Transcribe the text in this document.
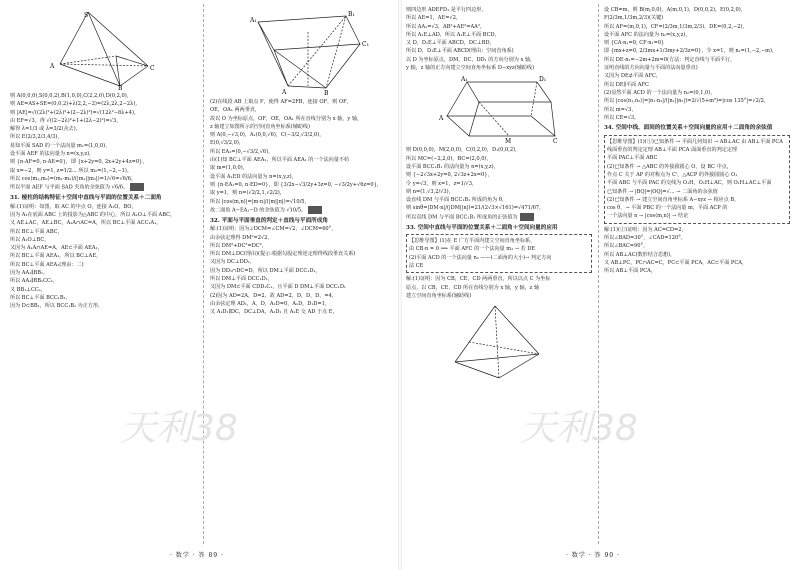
天利38	天利38
S
A	C
B

则 A(0,0,0),S(0,0,2),B(1,0,0),C(2,2,0),D(0,2,0),

则 AE=AS+SE=(0,0,2)+λ(2,2,−2)=(2λ,2λ,2−2λ),

则 |AE|=√((2λ)²+(2λ)²+(2−2λ)²)=√(12λ²−8λ+4),

由 EF=√3，得 √((2−2λ)²+1+(2λ−2)²)=√3，

解得 λ=1/3 或 λ=3/2(舍去)，

所以 E(2/3,2/3,4/3)，

易知平面 SAD 的一个法向量 m₁=(1,0,0)，

设平面 AEF 的法向量为 n=(x,y,z)，

则 {n·AF=0, n·AE=0}，即 {x+2y=0, 2x+2y+4z=0}，

取 x=−2，则 y=1, z=1/2... 所以 m₂=(1,−2,−1)。

所以 cos⟨m₁,m₂⟩=(m₁·m₂)/(|m₁||m₂|)=1/√6=√6/6，

所以平面 AEF 与平面 SAD 夹角的余弦值为 √6/6。

31. 棱柱的结构特征＋空间中直线与平面的位置关系＋二面角

解:(1)证明：如图，取 AC 的中点 O，连接 A₁O，BO，

因为 A₁在底面 ABC 上的投影为△ABC 的中心，所以 A₁O⊥平面 ABC，

又 AE⊥AC，AE⊥BC，A₁A∩AC=A，所以 BC⊥平面 ACC₁A₁，

所以 BC⊥平面 ABC，

所以 A₁O⊥BC，

又因为 A₁A∩AE=A，AE⊂平面 AEA₁，

所以 BC⊥平面 AEA₁，所以 BC⊥AE，

所以 BC⊥平面 AEA₁(理由：二)

因为 AA₁∥BB₁，

所以 AA₁∥BB₁CC₁，

又 BB₁⊥CC₁，

所以 BC⊥平面 BCC₁B₁，

因为 D⊂BB₁，所以 BCC₁B₁ 为正方形，

A₁
B₁
C₁
A	B

(2)在线段 AB 上取点 F，使得 AF=2FB，连接 OF，则 OF，

OE，OA₁ 两两垂直，

故以 O 为坐标原点，OF，OE，OA₁ 所在直线分别为 x 轴，y 轴，

z 轴建立如图所示的空间直角坐标系(辅助线)

则 A(0,−√3,0)，A₁(0,0,√6)，C(−3/2,√3/2,0)，

E(0,√3/2,0)，

所以 EA₁=(0,−√3/2,√6)，

由(1)知 BC⊥平面 AEA₁，所以平面 AEA₁ 的一个法向量不妨

取 m=(1,0,0)，

设平面 A₁ED 的法向量为 n=(x,y,z)，

则 {n·EA₁=0, n·ED=0}，即 {3/2x−√3/2y+3z=0, −√3/2y+√6z=0}，

取 y=1，则 n=(√2/2,1,√2/2)，

所以 |cos⟨m,n⟩|=|m·n|/(|m||n|)=√10/5，

故二面角 A−EA₁−D 的余弦值为 √10/5。

32. 平面与平面垂直的判定＋直线与平面所成角

解:(1)证明：因为∠DCM=∠CM=√2，∠DCM=60°，

由余弦定理得 DM²=2√2，

所以 DM²+DC²=DC²，

所以 DM⊥DC(理由)(提示:根据勾股定理逆定理得线段垂直关系)

又因为 DC⊥DD₁，

因为 DD₁∩DC=D，所以 DM⊥平面 DCC₁D₁，

所以 DM⊥平面 DCC₁D₁，

又因为 DM⊂平面 CDD₁C₁，且平面 D DM⊥平面 DCC₁D₁

(2)因为 AD=2A，D=2，故 AD=2，D，D，D，=4，

由余弦定理 AD₁，A，D，A₁D=0，A₁D，D₁D=1，

又 A₁D₁∥DC，DC⊥DA，A₁D₁ 且 A₁E 交 AD 于点 E，

则四边形 ADEFD₁ 是平行四边形，

所以 AE=1，AE=√2，

所以 AA₁=√3，AB²+AE²=AA²，

所以 A₁E⊥AD，所以 A₁E⊥平面 BCD，

又 D，D₁E⊥平面 ABCD，DC⊥BD，

所以 D，D₁E⊥平面 ABCD(理由：空间直角系)

以 D 为坐标原点，DM，DC，DD₁ 的方向分别为 x 轴，

y 轴，z 轴的正方向建立空间直角坐标系 D−xyz(辅助线)

A₁	D₁
A
M	C

则 D(0,0,0)，M(2,0,0)，C(0,2,0)，D₁(0,0,2)，

所以 MC=(−2,2,0)，BC=(2,0,0)，

设平面 BCC₁B₁ 的法向量为 n=(x,y,z)，

则 {−2√3x+2y=0, 2√3z+2x=0}，

令 y=√3，则 x=1，z=1/√3，

则 n=(1,√3,2/√3)，

设直线 DM 与平面 BCC₁B₁ 所成的角为 θ，

则 sinθ=|DM·n|/(|DM||n|)=21/(2√3×√161)=√471/67，

所以直线 DM 与平面 BCC₁B₁ 所成角的正弦值为

33. 空间中直线与平面的位置关系＋二面角＋空间向量的应用

【思维导图】(1)在 E 广方平面内建立空间直角坐标系，

由 CB·n = 0 ⟹ 平面 AFC 的一个法向量 m₁ → 若 DE

(2)平面 ACD 的一个法向量 n₂ ——(二面角的大小)→ 判定方向

法 CE

解:(1)证明：因为 CB，CE，CD 两两垂直，所以以点 C 为坐标

原点，以 CB，CE，CD 所在直线分别为 x 轴，y 轴，z 轴

建立空间直角坐标系(辅助线)

设 CB=m，则 B(m,0,0)，A(m,0,1)，D(0,0,2)，E(0,2,0)，

F(2/3m,1/3m,2/3)(关键)

所以 AF=(m,0,1)，CF=(2/3m,1/3m,2/3)，DE=(0,2,−2)，

设平面 AFC 的法向量为 n₁=(x,y,z)，

则 {CA·n₁=0, CF·n₁=0}

即 {mx+z=0, 2/3mx+1/3my+2/3z=0}，令 x=1，则 n₁=(1,−2,−m)，

所以 DE·n₁=−2m+2m=0(方法：判定直线与平面平行，

证明直线的方向向量与平面的法向量垂直)

又因为 DE⊄平面 AFC，

所以 DE∥平面 AFC

(2)显然平面 ACD 的一个法向量为 n₂=(0,1,0)，

所以 |cos⟨n₁,n₂⟩|=|n₁·n₂|/(|n₁||n₂|)=2/√(5+m²)=|cos 135°|=√2/2，

所以 m=√3，

所以 CE=√3。

34. 空间中线、面间的位置关系＋空间向量的应用＋二面角的余弦值

【思维导图】(1)(①)已知条件 → 平面几何知识 → AB⊥AC 由 AB⊥平面 PCA

线面垂直的判定定理 AB⊥平面 PCA 面面垂直的判定定理

平面 PAC⊥平面 ABC

(2)已知条件 → △ABC 的外接圆圆心 O，设 BC 中点，

作点 C 关于 AP 的对称点为 C'，△ACP 的外接圆圆心 O₁

平面 ABC 与平面 PAC 的交线为 O₁H，O₁H⊥AC，则 O₁H⊥AC⊥平面

已知条件 → |BQ|=|OQ|=√... → 二面角的余弦值

(2)已知条件 → 建立空间直角坐标系 A−xyz → 相应点 B，

cos θ，→ 平面 PBC 的一个法向量 m，平面 ACP 的

一个法向量 n → |cos⟨m,n⟩| → 结论

解:(1)(①)证明：因为 AC=CD=2，

所以∠BAD=30°，∠CAD=120°，

所以∠BAC=90°，

所以 AB⊥AC(数形结合思想)，

又 AB⊥PC，PC∩AC=C，PC⊂平面 PCA，AC⊂平面 PCA，

所以 AB⊥平面 PCA，

· 数学 · 答 89 ·	· 数学 · 答 90 ·
